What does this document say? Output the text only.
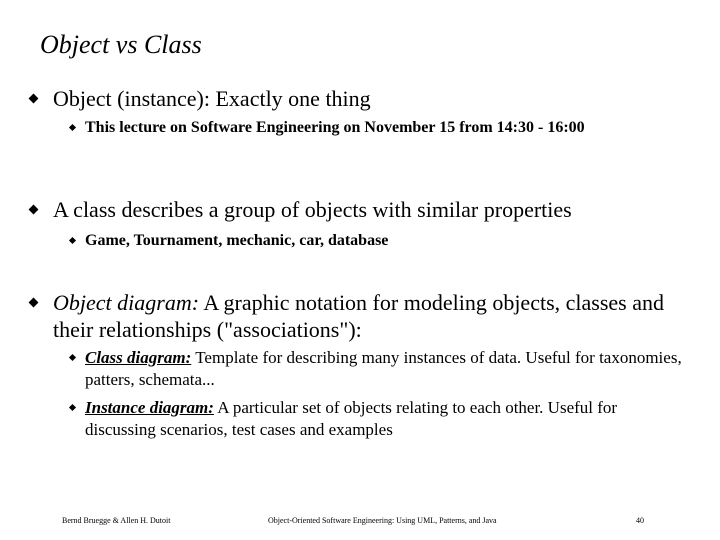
Object vs Class
Object (instance): Exactly one thing
This lecture on Software Engineering on November 15 from 14:30 - 16:00
A class describes a group of objects with similar properties
Game, Tournament, mechanic, car, database
Object diagram: A graphic notation for modeling objects, classes and their relationships ("associations"):
Class diagram: Template for describing many instances of data. Useful for taxonomies, patters, schemata...
Instance diagram: A particular set of objects relating to each other. Useful for discussing scenarios, test cases and examples
Bernd Bruegge & Allen H. Dutoit	Object-Oriented Software Engineering: Using UML, Patterns, and Java	40
